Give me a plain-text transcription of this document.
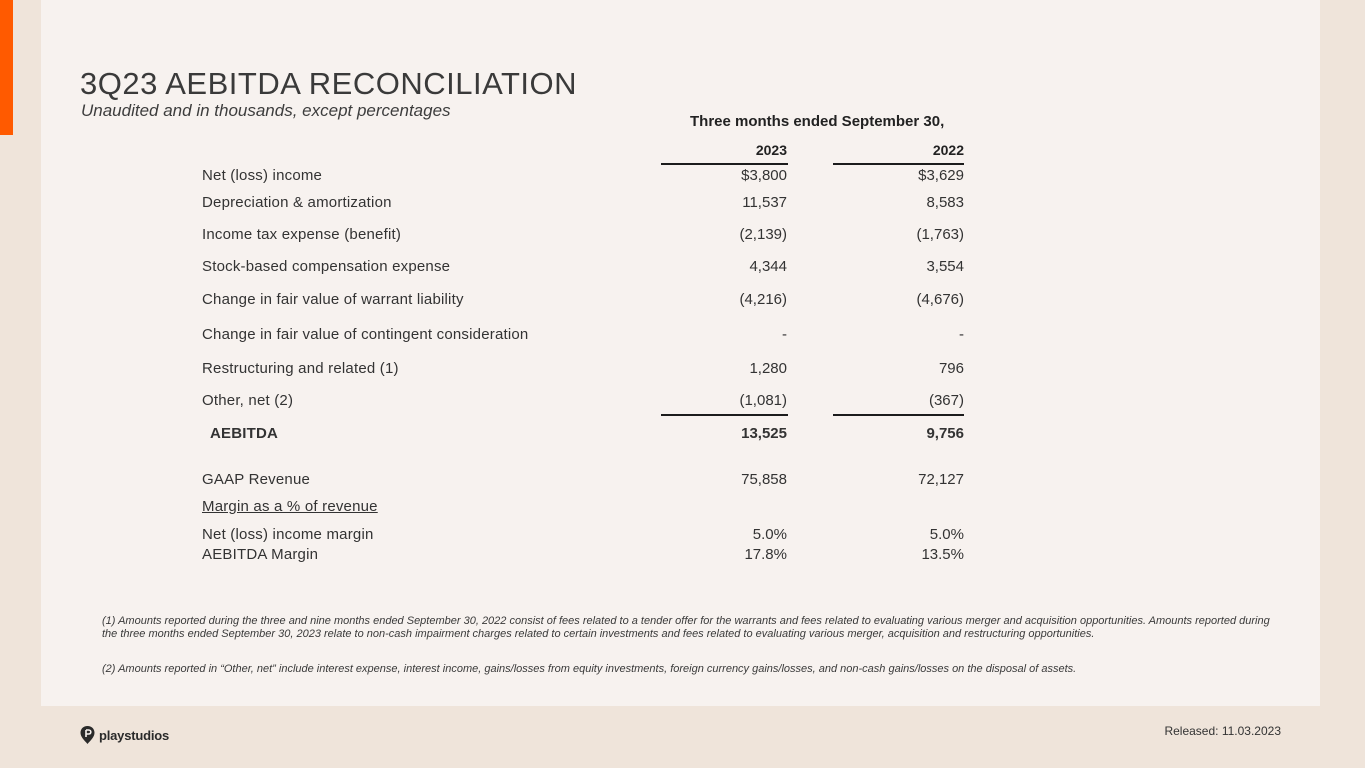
3Q23 AEBITDA RECONCILIATION
Unaudited and in thousands, except percentages
Three months ended September 30,
2023	2022
Net (loss) income	$3,800	$3,629
Depreciation & amortization	11,537	8,583
Income tax expense (benefit)	(2,139)	(1,763)
Stock-based compensation expense	4,344	3,554
Change in fair value of warrant liability	(4,216)	(4,676)
Change in fair value of contingent consideration	-	-
Restructuring and related (1)	1,280	796
Other, net (2)	(1,081)	(367)
AEBITDA	13,525	9,756
GAAP Revenue	75,858	72,127
Margin as a % of revenue
Net (loss) income margin	5.0%	5.0%
AEBITDA Margin	17.8%	13.5%
(1) Amounts reported during the three and nine months ended September 30, 2022 consist of fees related to a tender offer for the warrants and fees related to evaluating various merger and acquisition opportunities. Amounts reported during the three months ended September 30, 2023 relate to non-cash impairment charges related to certain investments and fees related to evaluating various merger, acquisition and restructuring opportunities.
(2) Amounts reported in “Other, net” include interest expense, interest income, gains/losses from equity investments, foreign currency gains/losses, and non-cash gains/losses on the disposal of assets.
playstudios	Released: 11.03.2023
